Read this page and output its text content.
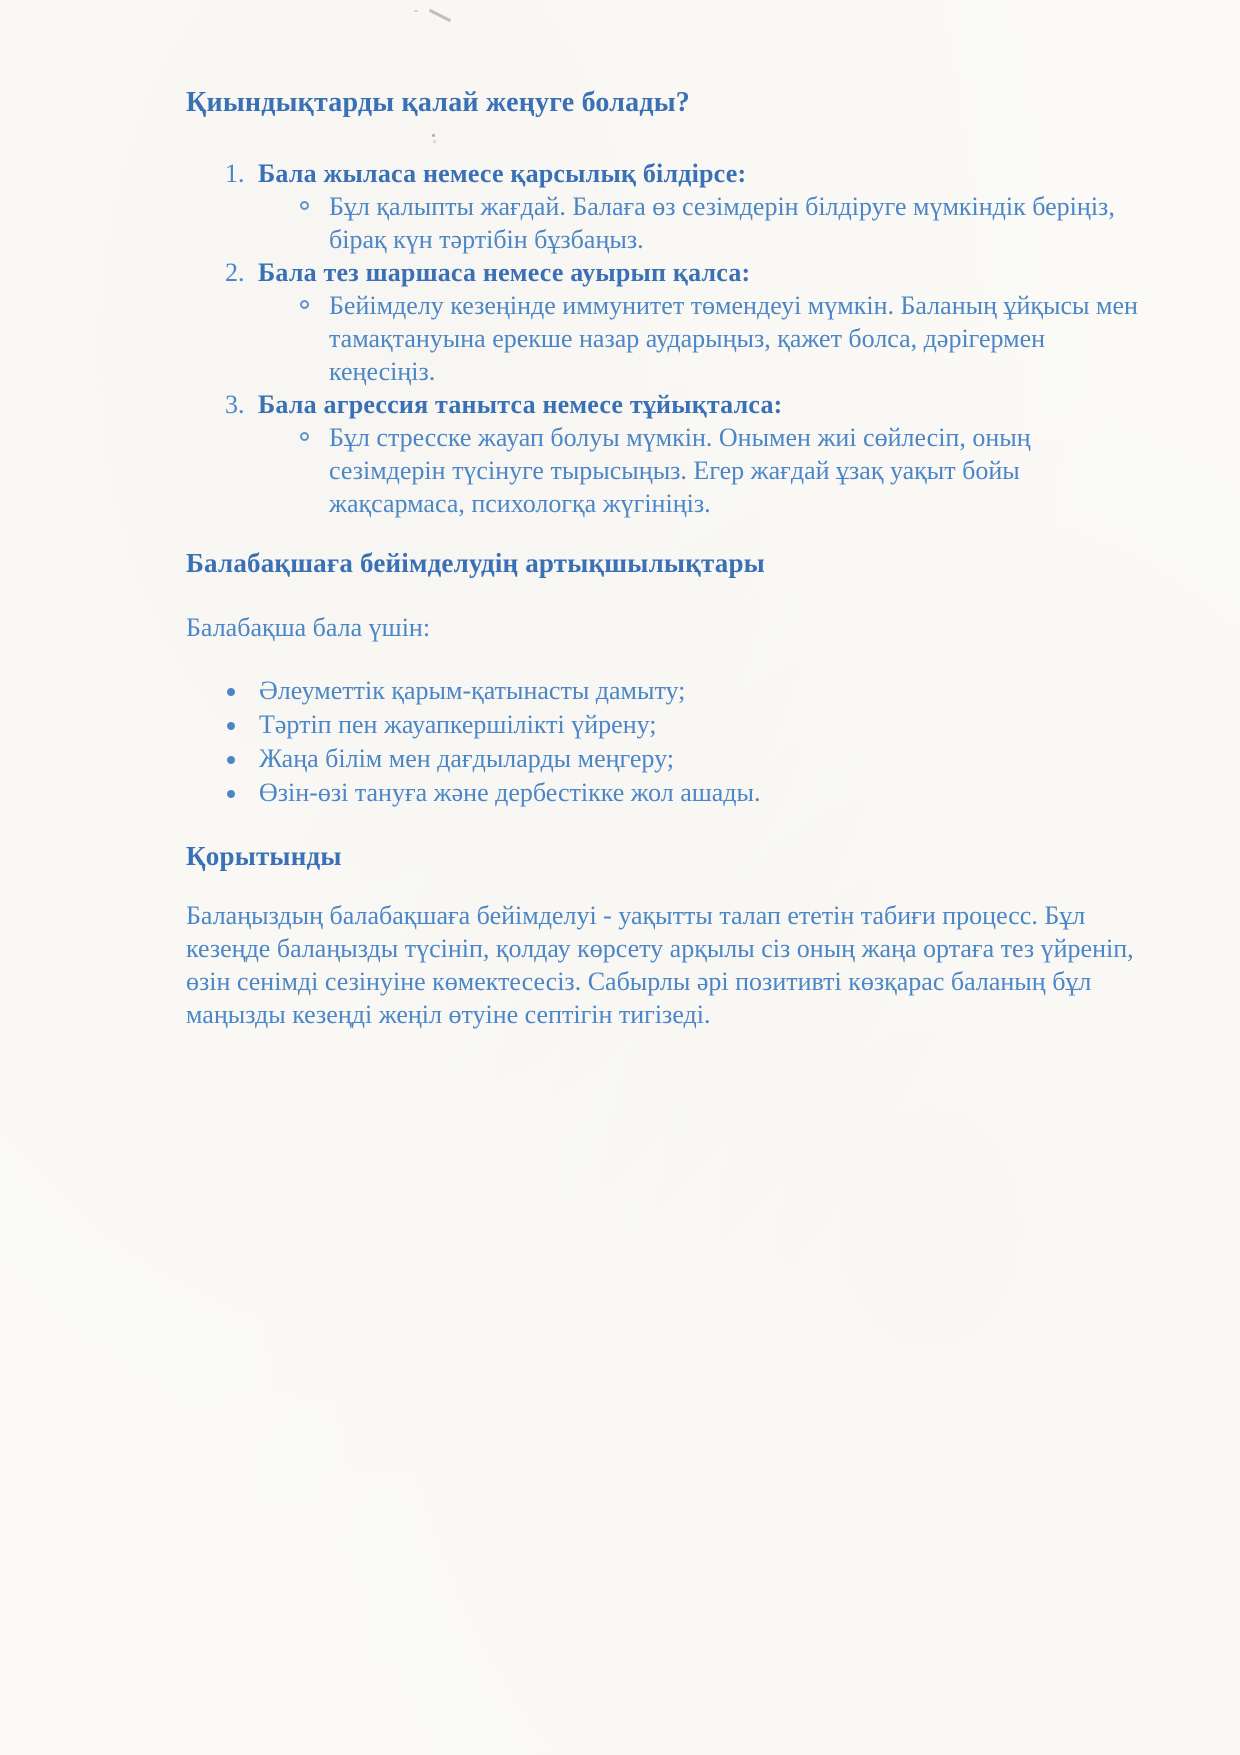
Қиындықтарды қалай жеңуге болады?
1. Бала жыласа немесе қарсылық білдірсе:
Бұл қалыпты жағдай. Балаға өз сезімдерін білдіруге мүмкіндік беріңіз, бірақ күн тәртібін бұзбаңыз.
2. Бала тез шаршаса немесе ауырып қалса:
Бейімделу кезеңінде иммунитет төмендеуі мүмкін. Баланың ұйқысы мен тамақтануына ерекше назар аударыңыз, қажет болса, дәрігермен кеңесіңіз.
3. Бала агрессия танытса немесе тұйықталса:
Бұл стресске жауап болуы мүмкін. Онымен жиі сөйлесіп, оның сезімдерін түсінуге тырысыңыз. Егер жағдай ұзақ уақыт бойы жақсармаса, психологқа жүгініңіз.
Балабақшаға бейімделудің артықшылықтары

Балабақша бала үшін:

Әлеуметтік қарым-қатынасты дамыту;
Тәртіп пен жауапкершілікті үйрену;
Жаңа білім мен дағдыларды меңгеру;
Өзін-өзі тануға және дербестікке жол ашады.
Қорытынды

Балаңыздың балабақшаға бейімделуі - уақытты талап ететін табиғи процесс. Бұл кезеңде балаңызды түсініп, қолдау көрсету арқылы сіз оның жаңа ортаға тез үйреніп, өзін сенімді сезінуіне көмектесесіз. Сабырлы әрі позитивті көзқарас баланың бұл маңызды кезеңді жеңіл өтуіне септігін тигізеді.
